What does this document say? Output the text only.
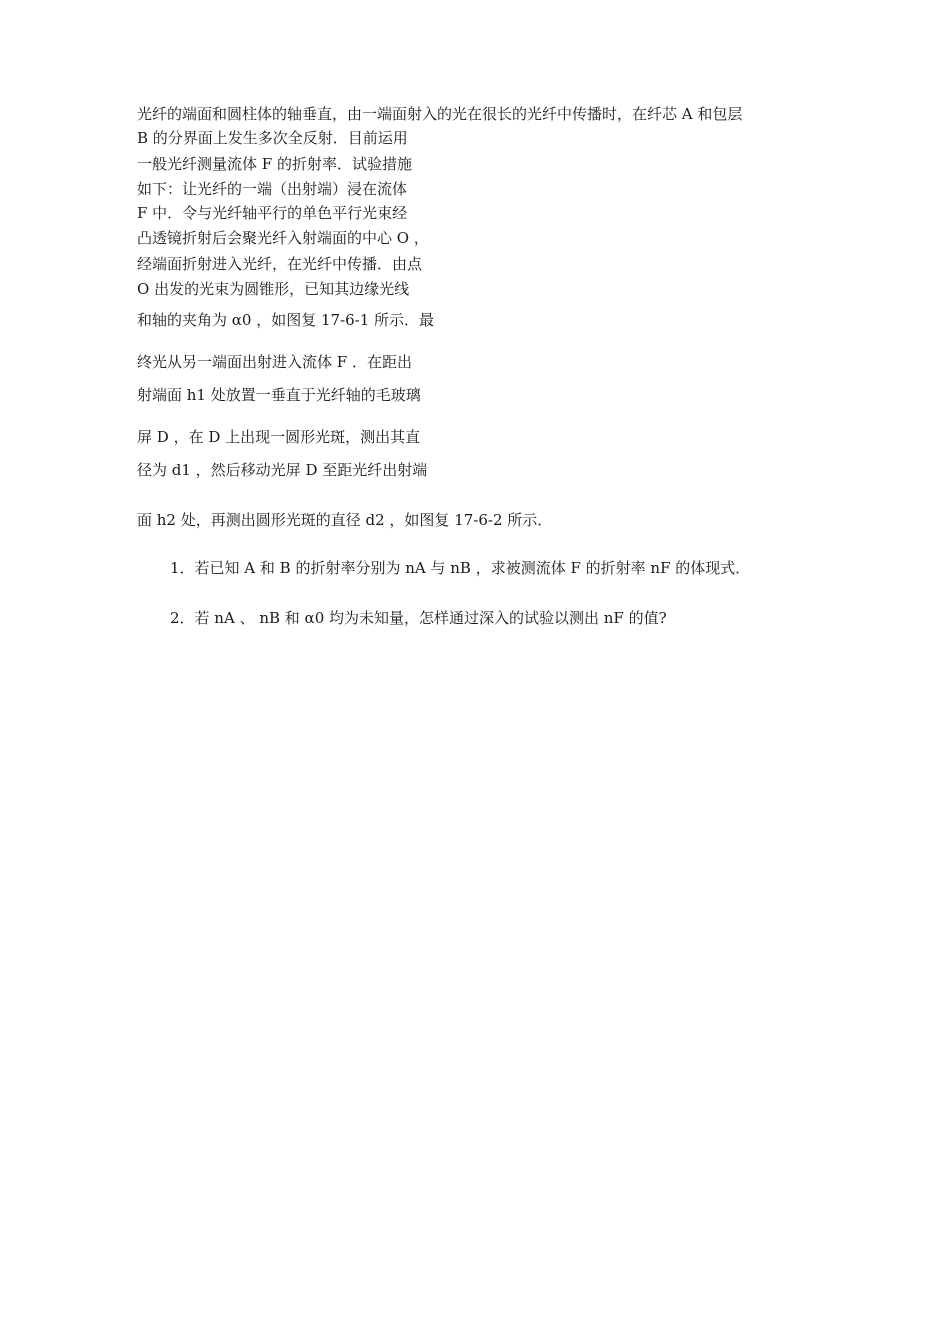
光纤的端面和圆柱体的轴垂直，由一端面射入的光在很长的光纤中传播时，在纤芯 A 和包层
B 的分界面上发生多次全反射．目前运用
一般光纤测量流体 F 的折射率．试验措施
如下：让光纤的一端（出射端）浸在流体
F 中．令与光纤轴平行的单色平行光束经
凸透镜折射后会聚光纤入射端面的中心 O ，
经端面折射进入光纤，在光纤中传播．由点
O 出发的光束为圆锥形，已知其边缘光线
和轴的夹角为 α0 ，如图复 17-6-1 所示．最
终光从另一端面出射进入流体 F ．在距出
射端面 h1 处放置一垂直于光纤轴的毛玻璃
屏 D ，在 D 上出现一圆形光斑，测出其直
径为 d1 ，然后移动光屏 D 至距光纤出射端
面 h2 处，再测出圆形光斑的直径 d2 ，如图复 17-6-2 所示．
1．若已知 A 和 B 的折射率分别为 nA 与 nB ，求被测流体 F 的折射率 nF 的体现式．
2．若 nA 、 nB 和 α0 均为未知量，怎样通过深入的试验以测出 nF 的值?
